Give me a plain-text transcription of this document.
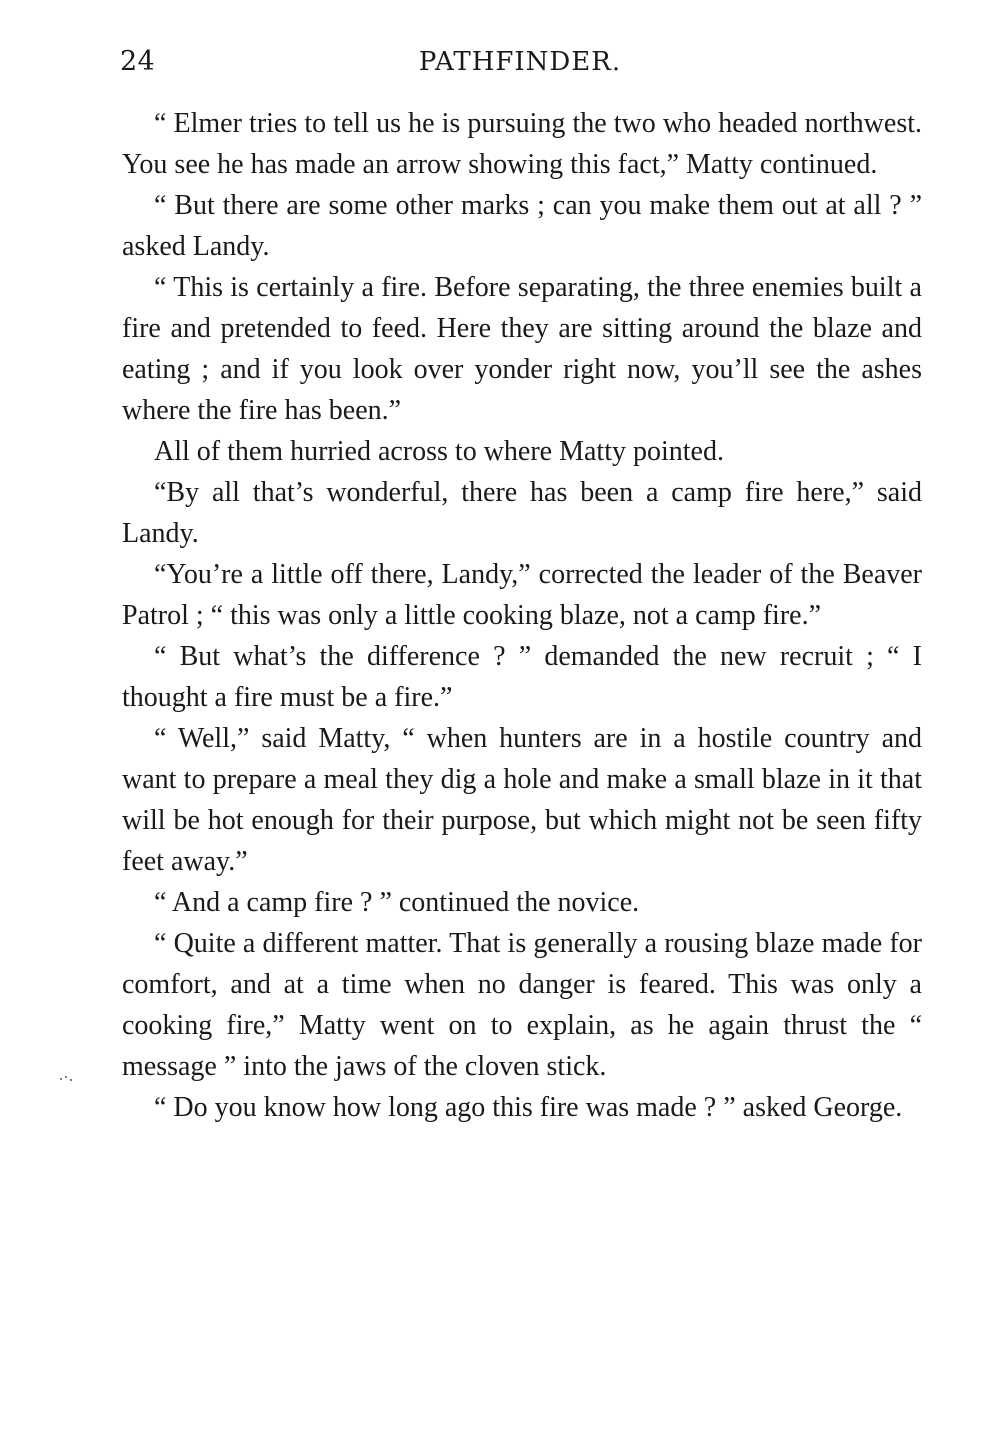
24	PATHFINDER.

“ Elmer tries to tell us he is pursuing the two who headed northwest. You see he has made an arrow showing this fact,” Matty continued.

“ But there are some other marks ; can you make them out at all ? ” asked Landy.

“ This is certainly a fire. Before separating, the three enemies built a fire and pretended to feed. Here they are sitting around the blaze and eating ; and if you look over yonder right now, you’ll see the ashes where the fire has been.”

All of them hurried across to where Matty pointed.

“By all that’s wonderful, there has been a camp fire here,” said Landy.

“You’re a little off there, Landy,” corrected the leader of the Beaver Patrol ; “ this was only a little cooking blaze, not a camp fire.”

“ But what’s the difference ? ” demanded the new recruit ; “ I thought a fire must be a fire.”

“ Well,” said Matty, “ when hunters are in a hostile country and want to prepare a meal they dig a hole and make a small blaze in it that will be hot enough for their purpose, but which might not be seen fifty feet away.”

“ And a camp fire ? ” continued the novice.

“ Quite a different matter. That is generally a rousing blaze made for comfort, and at a time when no danger is feared. This was only a cooking fire,” Matty went on to explain, as he again thrust the “ message ” into the jaws of the cloven stick.

“ Do you know how long ago this fire was made ? ” asked George.
